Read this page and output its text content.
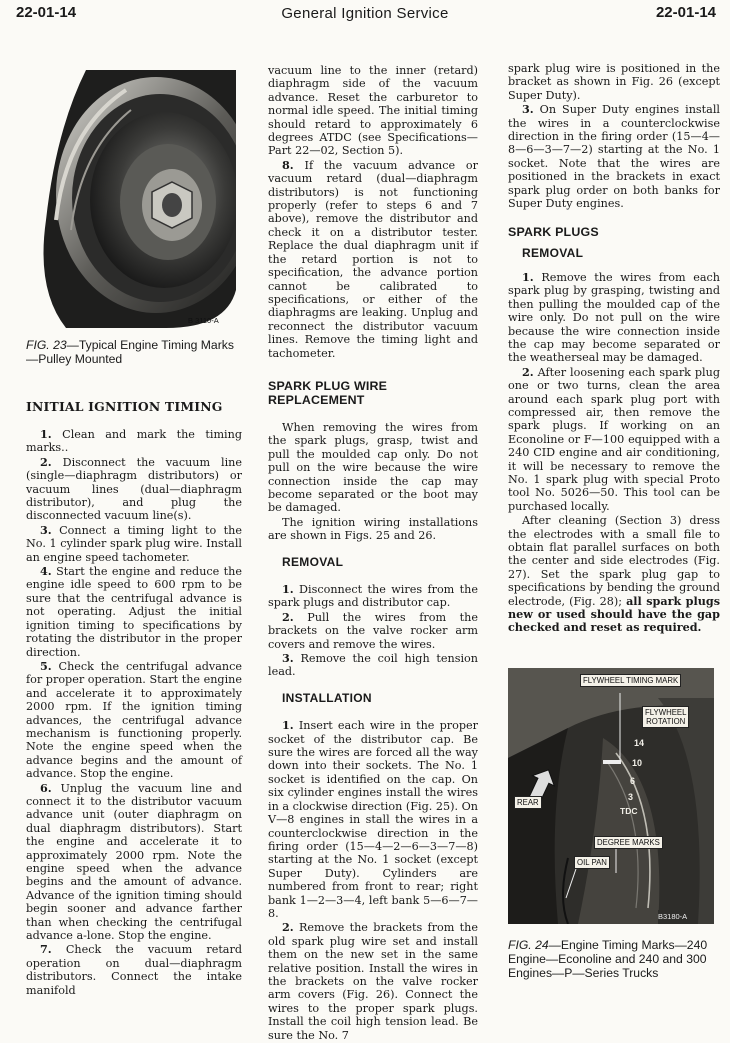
22-01-14	General Ignition Service	22-01-14
B 3110-A
FIG. 23—Typical Engine Timing Marks—Pulley Mounted
INITIAL IGNITION TIMING

1. Clean and mark the timing marks..

2. Disconnect the vacuum line (single—diaphragm distributors) or vacuum lines (dual—diaphragm distributor), and plug the disconnected vacuum line(s).

3. Connect a timing light to the No. 1 cylinder spark plug wire. Install an engine speed tachometer.

4. Start the engine and reduce the engine idle speed to 600 rpm to be sure that the centrifugal advance is not operating. Adjust the initial ignition timing to specifications by rotating the distributor in the proper direction.

5. Check the centrifugal advance for proper operation. Start the engine and accelerate it to approximately 2000 rpm. If the ignition timing advances, the centrifugal advance mechanism is functioning properly. Note the engine speed when the advance begins and the amount of advance. Stop the engine.

6. Unplug the vacuum line and connect it to the distributor vacuum advance unit (outer diaphragm on dual diaphragm distributors). Start the engine and accelerate it to approximately 2000 rpm. Note the engine speed when the advance begins and the amount of advance. Advance of the ignition timing should begin sooner and advance farther than when checking the centrifugal advance a-lone. Stop the engine.

7. Check the vacuum retard operation on dual—diaphragm distributors. Connect the intake manifold

vacuum line to the inner (retard) diaphragm side of the vacuum advance. Reset the carburetor to normal idle speed. The initial timing should retard to approximately 6 degrees ATDC (see Specifications—Part 22—02, Section 5).

8. If the vacuum advance or vacuum retard (dual—diaphragm distributors) is not functioning properly (refer to steps 6 and 7 above), remove the distributor and check it on a distributor tester. Replace the dual diaphragm unit if the retard portion is not to specification, the advance portion cannot be calibrated to specifications, or either of the diaphragms are leaking. Unplug and reconnect the distributor vacuum lines. Remove the timing light and tachometer.

SPARK PLUG WIRE
REPLACEMENT

When removing the wires from the spark plugs, grasp, twist and pull the moulded cap only. Do not pull on the wire because the wire connection inside the cap may become separated or the boot may be damaged.

The ignition wiring installations are shown in Figs. 25 and 26.

REMOVAL

1. Disconnect the wires from the spark plugs and distributor cap.

2. Pull the wires from the brackets on the valve rocker arm covers and remove the wires.

3. Remove the coil high tension lead.

INSTALLATION

1. Insert each wire in the proper socket of the distributor cap. Be sure the wires are forced all the way down into their sockets. The No. 1 socket is identified on the cap. On six cylinder engines install the wires in a clockwise direction (Fig. 25). On V—8 engines in stall the wires in a counterclockwise direction in the firing order (15—4—2—6—3—7—8) starting at the No. 1 socket (except Super Duty). Cylinders are numbered from front to rear; right bank 1—2—3—4, left bank 5—6—7—8.

2. Remove the brackets from the old spark plug wire set and install them on the new set in the same relative position. Install the wires in the brackets on the valve rocker arm covers (Fig. 26). Connect the wires to the proper spark plugs. Install the coil high tension lead. Be sure the No. 7

spark plug wire is positioned in the bracket as shown in Fig. 26 (except Super Duty).

3. On Super Duty engines install the wires in a counterclockwise direction in the firing order (15—4—8—6—3—7—2) starting at the No. 1 socket. Note that the wires are positioned in the brackets in exact spark plug order on both banks for Super Duty engines.

SPARK PLUGS
REMOVAL

1. Remove the wires from each spark plug by grasping, twisting and then pulling the moulded cap of the wire only. Do not pull on the wire because the wire connection inside the cap may become separated or the weatherseal may be damaged.

2. After loosening each spark plug one or two turns, clean the area around each spark plug port with compressed air, then remove the spark plugs. If working on an Econoline or F—100 equipped with a 240 CID engine and air conditioning, it will be necessary to remove the No. 1 spark plug with special Proto tool No. 5026—50. This tool can be purchased locally.

After cleaning (Section 3) dress the electrodes with a small file to obtain flat parallel surfaces on both the center and side electrodes (Fig. 27). Set the spark plug gap to specifications by bending the ground electrode, (Fig. 28); all spark plugs new or used should have the gap checked and reset as required.

FLYWHEEL TIMING MARK
FLYWHEEL
ROTATION
REAR
DEGREE MARKS
OIL PAN
B3180-A
14
10
6
3
TDC
FIG. 24—Engine Timing Marks—240 Engine—Econoline and 240 and 300 Engines—P—Series Trucks
